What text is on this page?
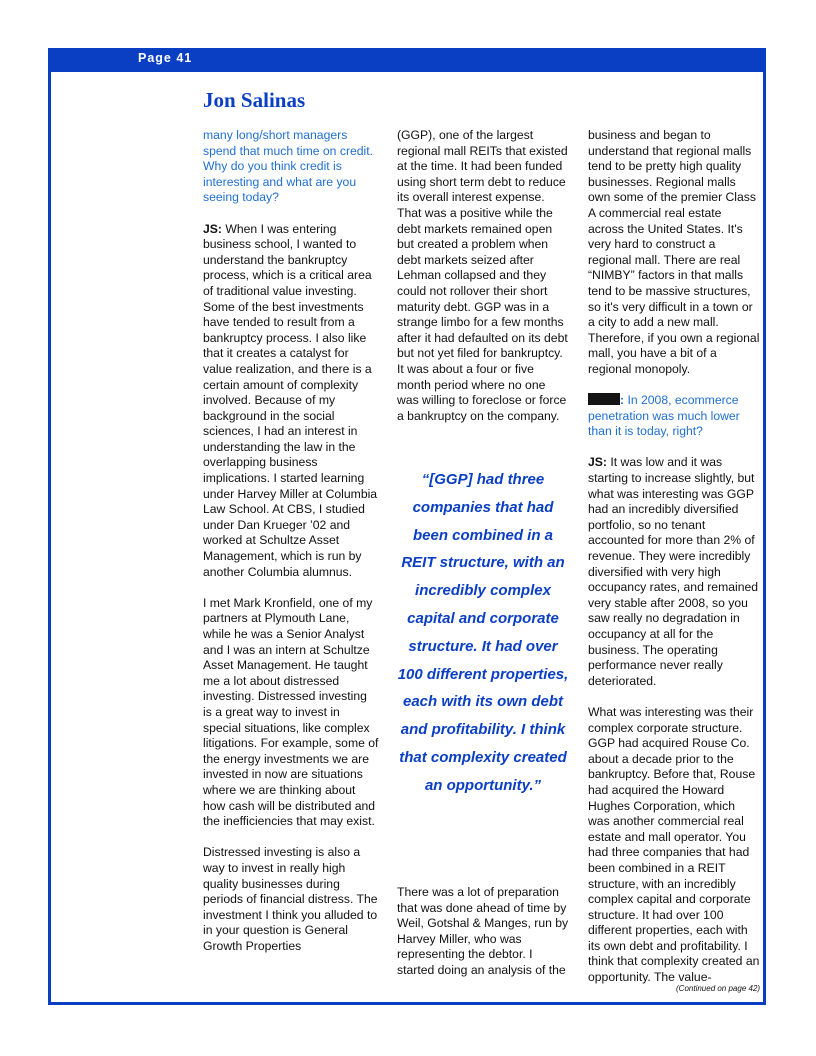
Page 41
Jon Salinas

many long/short managers spend that much time on credit. Why do you think credit is interesting and what are you seeing today?

JS: When I was entering business school, I wanted to understand the bankruptcy process, which is a critical area of traditional value investing. Some of the best investments have tended to result from a bankruptcy process. I also like that it creates a catalyst for value realization, and there is a certain amount of complexity involved. Because of my background in the social sciences, I had an interest in understanding the law in the overlapping business implications. I started learning under Harvey Miller at Columbia Law School. At CBS, I studied under Dan Krueger ’02 and worked at Schultze Asset Management, which is run by another Columbia alumnus.

I met Mark Kronfield, one of my partners at Plymouth Lane, while he was a Senior Analyst and I was an intern at Schultze Asset Management. He taught me a lot about distressed investing. Distressed investing is a great way to invest in special situations, like complex litigations. For example, some of the energy investments we are invested in now are situations where we are thinking about how cash will be distributed and the inefficiencies that may exist.

Distressed investing is also a way to invest in really high quality businesses during periods of financial distress. The investment I think you alluded to in your question is General Growth Properties

(GGP), one of the largest regional mall REITs that existed at the time. It had been funded using short term debt to reduce its overall interest expense. That was a positive while the debt markets remained open but created a problem when debt markets seized after Lehman collapsed and they could not rollover their short maturity debt. GGP was in a strange limbo for a few months after it had defaulted on its debt but not yet filed for bankruptcy. It was about a four or five month period where no one was willing to foreclose or force a bankruptcy on the company.

“[GGP] had three companies that had been combined in a REIT structure, with an incredibly complex capital and corporate structure. It had over 100 different properties, each with its own debt and profitability. I think that complexity created an opportunity.”

There was a lot of preparation that was done ahead of time by Weil, Gotshal & Manges, run by Harvey Miller, who was representing the debtor. I started doing an analysis of the

business and began to understand that regional malls tend to be pretty high quality businesses. Regional malls own some of the premier Class A commercial real estate across the United States. It's very hard to construct a regional mall. There are real “NIMBY” factors in that malls tend to be massive structures, so it's very difficult in a town or a city to add a new mall. Therefore, if you own a regional mall, you have a bit of a regional monopoly.

: In 2008, ecommerce penetration was much lower than it is today, right?

JS: It was low and it was starting to increase slightly, but what was interesting was GGP had an incredibly diversified portfolio, so no tenant accounted for more than 2% of revenue. They were incredibly diversified with very high occupancy rates, and remained very stable after 2008, so you saw really no degradation in occupancy at all for the business. The operating performance never really deteriorated.

What was interesting was their complex corporate structure. GGP had acquired Rouse Co. about a decade prior to the bankruptcy. Before that, Rouse had acquired the Howard Hughes Corporation, which was another commercial real estate and mall operator. You had three companies that had been combined in a REIT structure, with an incredibly complex capital and corporate structure. It had over 100 different properties, each with its own debt and profitability. I think that complexity created an opportunity. The value-

(Continued on page 42)
